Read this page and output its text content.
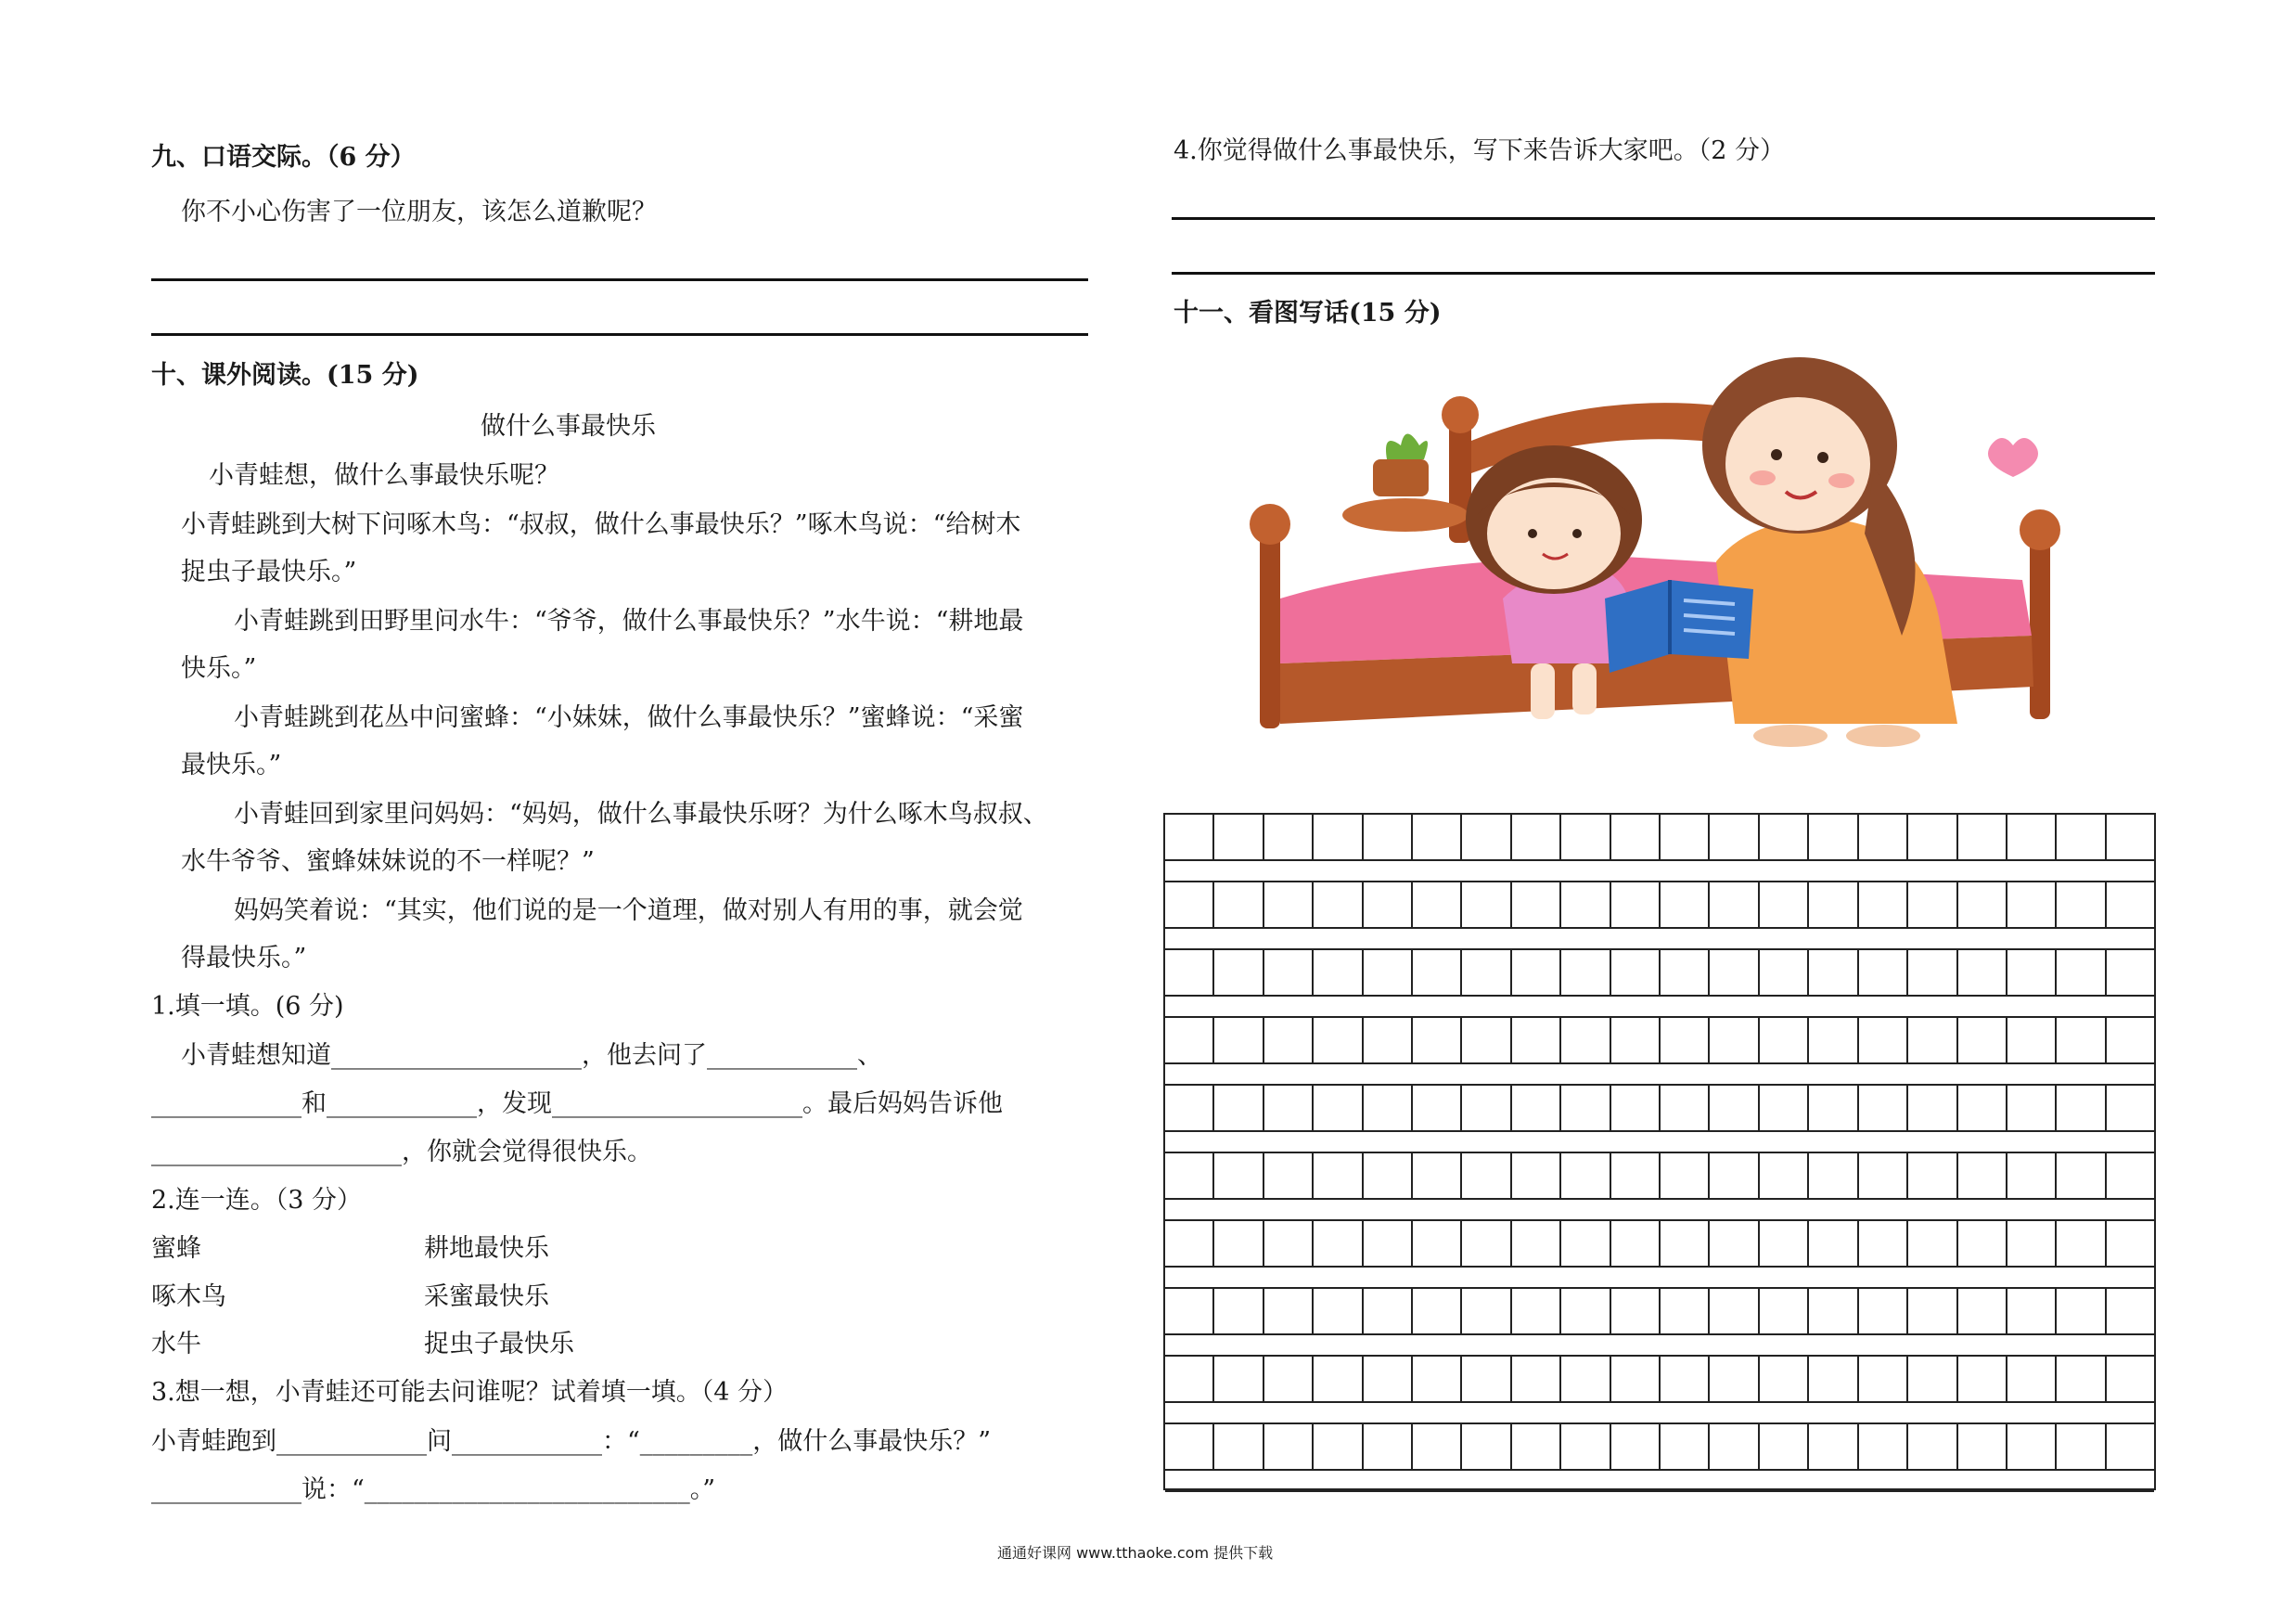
九、口语交际。（6 分）
你不小心伤害了一位朋友，该怎么道歉呢？
十、课外阅读。(15 分)
做什么事最快乐
小青蛙想，做什么事最快乐呢？
小青蛙跳到大树下问啄木鸟：“叔叔，做什么事最快乐？”啄木鸟说：“给树木
捉虫子最快乐。”
小青蛙跳到田野里问水牛：“爷爷，做什么事最快乐？”水牛说：“耕地最
快乐。”
小青蛙跳到花丛中问蜜蜂：“小妹妹，做什么事最快乐？”蜜蜂说：“采蜜
最快乐。”
小青蛙回到家里问妈妈：“妈妈，做什么事最快乐呀？为什么啄木鸟叔叔、
水牛爷爷、蜜蜂妹妹说的不一样呢？”
妈妈笑着说：“其实，他们说的是一个道理，做对别人有用的事，就会觉
得最快乐。”
1.填一填。(6 分)
小青蛙想知道____________________，他去问了____________、
____________和____________，发现____________________。最后妈妈告诉他
____________________，你就会觉得很快乐。
2.连一连。（3 分）
蜜蜂	耕地最快乐
啄木鸟	采蜜最快乐
水牛	捉虫子最快乐
3.想一想，小青蛙还可能去问谁呢？试着填一填。（4 分）
小青蛙跑到____________问____________：“_________，做什么事最快乐？”
____________说：“__________________________。”
4.你觉得做什么事最快乐，写下来告诉大家吧。（2 分）
十一、看图写话(15 分)
通通好课网 www.tthaoke.com 提供下载
